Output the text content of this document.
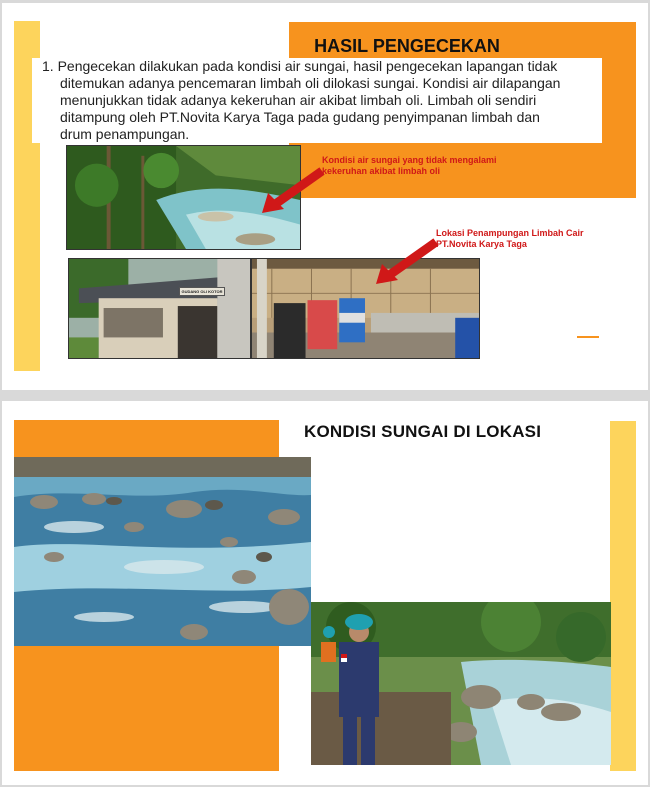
HASIL PENGECEKAN
1. Pengecekan dilakukan pada kondisi air sungai, hasil pengecekan lapangan tidak ditemukan adanya pencemaran limbah oli dilokasi sungai. Kondisi air dilapangan menunjukkan tidak adanya kekeruhan air akibat limbah oli. Limbah oli sendiri ditampung oleh PT.Novita Karya Taga pada gudang penyimpanan limbah dan drum penampungan.
Kondisi air sungai yang tidak mengalami kekeruhan akibat limbah oli
GUDANG OLI KOTOR
Lokasi Penampungan Limbah Cair PT.Novita Karya Taga
KONDISI SUNGAI DI LOKASI
